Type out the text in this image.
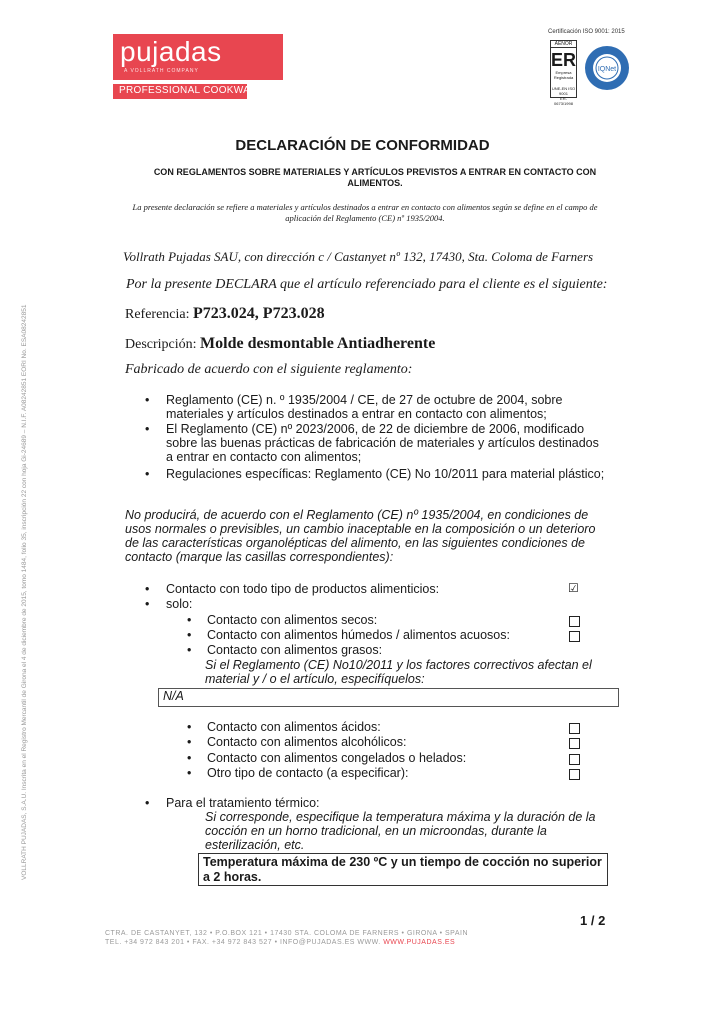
pujadas
A VOLLRATH COMPANY
PROFESSIONAL COOKWARE
Certificación ISO 9001: 2015
AENOR
ER
Empresa Registrada
UNE-EN ISO 9001
ER-0673/1998
IQNet
VOLLRATH PUJADAS, S.A.U. Inscrita en el Registro Mercantil de Girona el 4 de diciembre de 2015, tomo 1484, folio 35, inscripción 22 con hoja Gi-24689 – N.I.F. A08242851 EORI No. ESA08242851
DECLARACIÓN DE CONFORMIDAD
CON REGLAMENTOS SOBRE MATERIALES Y ARTÍCULOS PREVISTOS A ENTRAR EN CONTACTO CON ALIMENTOS.
La presente declaración se refiere a materiales y artículos destinados a entrar en contacto con alimentos según se define en el campo de aplicación del Reglamento (CE) nº 1935/2004.
Vollrath Pujadas SAU, con dirección c / Castanyet nº 132, 17430, Sta. Coloma de Farners
Por la presente DECLARA que el artículo referenciado para el cliente es el siguiente:
Referencia: P723.024, P723.028
Descripción: Molde desmontable Antiadherente
Fabricado de acuerdo con el siguiente reglamento:
• Reglamento (CE) n. º 1935/2004 / CE, de 27 de octubre de 2004, sobre materiales y artículos destinados a entrar en contacto con alimentos;
• El Reglamento (CE) nº 2023/2006, de 22 de diciembre de 2006, modificado sobre las buenas prácticas de fabricación de materiales y artículos destinados a entrar en contacto con alimentos;
• Regulaciones específicas: Reglamento (CE) No 10/2011 para material plástico;
No producirá, de acuerdo con el Reglamento (CE) nº 1935/2004, en condiciones de usos normales o previsibles, un cambio inaceptable en la composición o un deterioro de las características organolépticas del alimento, en las siguientes condiciones de contacto (marque las casillas correspondientes):
• Contacto con todo tipo de productos alimenticios:	☑
• solo:
• Contacto con alimentos secos:
• Contacto con alimentos húmedos / alimentos acuosos:
• Contacto con alimentos grasos:
Si el Reglamento (CE) No10/2011 y los factores correctivos afectan el material y / o el artículo, especifíquelos:
N/A
• Contacto con alimentos ácidos:
• Contacto con alimentos alcohólicos:
• Contacto con alimentos congelados o helados:
• Otro tipo de contacto (a especificar):
• Para el tratamiento térmico:
Si corresponde, especifique la temperatura máxima y la duración de la cocción en un horno tradicional, en un microondas, durante la esterilización, etc.
Temperatura máxima de 230 ºC y un tiempo de cocción no superior a 2 horas.
1 / 2
CTRA. DE CASTANYET, 132 • P.O.BOX 121 • 17430 STA. COLOMA DE FARNERS • GIRONA • SPAIN
TEL. +34 972 843 201 • FAX. +34 972 843 527 • INFO@PUJADAS.ES WWW. WWW.PUJADAS.ES
